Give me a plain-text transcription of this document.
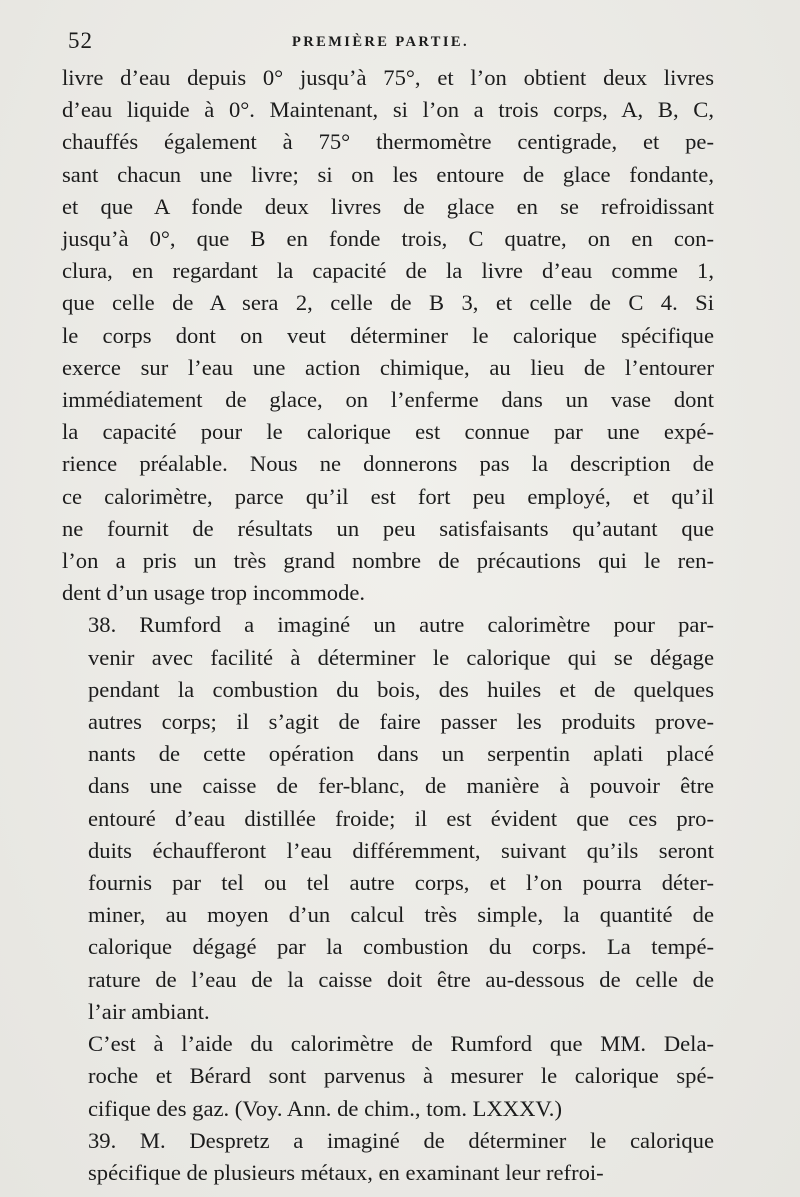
52	PREMIÈRE PARTIE.

livre d’eau depuis 0° jusqu’à 75°, et l’on obtient deux livres
d’eau liquide à 0°. Maintenant, si l’on a trois corps, A, B, C,
chauffés également à 75° thermomètre centigrade, et pe-
sant chacun une livre; si on les entoure de glace fondante,
et que A fonde deux livres de glace en se refroidissant
jusqu’à 0°, que B en fonde trois, C quatre, on en con-
clura, en regardant la capacité de la livre d’eau comme 1,
que celle de A sera 2, celle de B 3, et celle de C 4. Si
le corps dont on veut déterminer le calorique spécifique
exerce sur l’eau une action chimique, au lieu de l’entourer
immédiatement de glace, on l’enferme dans un vase dont
la capacité pour le calorique est connue par une expé-
rience préalable. Nous ne donnerons pas la description de
ce calorimètre, parce qu’il est fort peu employé, et qu’il
ne fournit de résultats un peu satisfaisants qu’autant que
l’on a pris un très grand nombre de précautions qui le ren-
dent d’un usage trop incommode.

38. Rumford a imaginé un autre calorimètre pour par-
venir avec facilité à déterminer le calorique qui se dégage
pendant la combustion du bois, des huiles et de quelques
autres corps; il s’agit de faire passer les produits prove-
nants de cette opération dans un serpentin aplati placé
dans une caisse de fer-blanc, de manière à pouvoir être
entouré d’eau distillée froide; il est évident que ces pro-
duits échaufferont l’eau différemment, suivant qu’ils seront
fournis par tel ou tel autre corps, et l’on pourra déter-
miner, au moyen d’un calcul très simple, la quantité de
calorique dégagé par la combustion du corps. La tempé-
rature de l’eau de la caisse doit être au-dessous de celle de
l’air ambiant.

C’est à l’aide du calorimètre de Rumford que MM. Dela-
roche et Bérard sont parvenus à mesurer le calorique spé-
cifique des gaz. (Voy. Ann. de chim., tom. LXXXV.)

39. M. Despretz a imaginé de déterminer le calorique
spécifique de plusieurs métaux, en examinant leur refroi-
